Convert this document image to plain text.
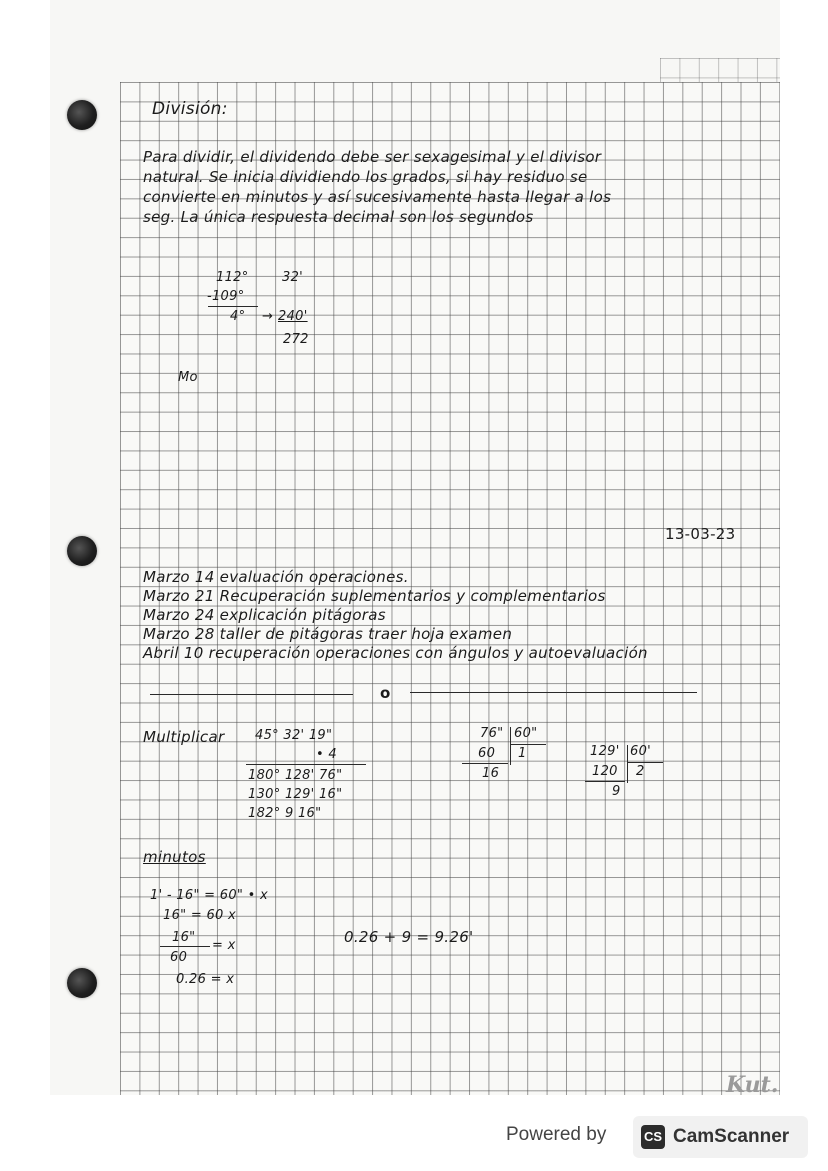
División:
Para dividir, el dividendo debe ser sexagesimal y el divisor
natural. Se inicia dividiendo los grados, si hay residuo se
convierte en minutos y así sucesivamente hasta llegar a los
seg. La única respuesta decimal son los segundos
112°	32'
-109°
4° → 240'
272
Mo
13-03-23
Marzo 14 evaluación operaciones.
Marzo 21 Recuperación suplementarios y complementarios
Marzo 24 explicación pitágoras
Marzo 28 taller de pitágoras traer hoja examen
Abril 10 recuperación operaciones con ángulos y autoevaluación
o
Multiplicar 45° 32' 19"
• 4
180° 128' 76"
130° 129' 16"
182° 9 16"
76" 60"
60 1
16
129' 60'
120 2
9
minutos
1' - 16" = 60" • x
16" = 60 x
16"
= x
60
0.26 = x
0.26 + 9 = 9.26'
Kut.
Powered by	CS CamScanner
